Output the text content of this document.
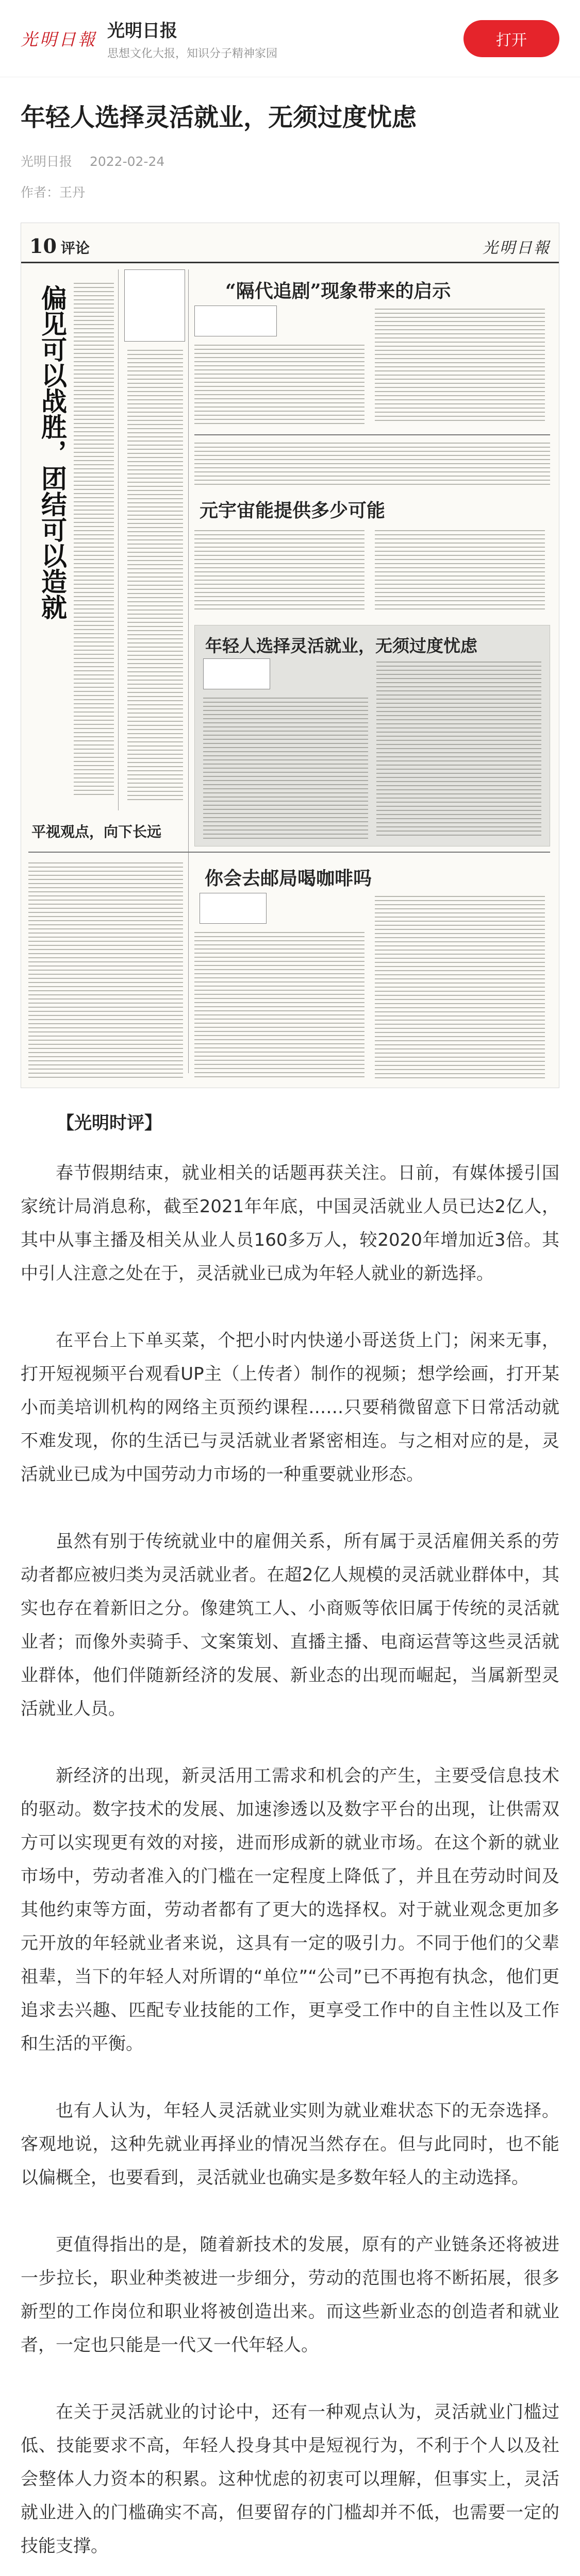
光明日報 光明日报
思想文化大报，知识分子精神家园
打开
年轻人选择灵活就业，无须过度忧虑
光明日报 2022-02-24
作者：王丹
10 评论	光明日報
偏见可以战胜，团结可以造就	“隔代追剧”现象带来的启示
元宇宙能提供多少可能
年轻人选择灵活就业，无须过度忧虑
平视观点，向下长远
你会去邮局喝咖啡吗
【光明时评】

春节假期结束，就业相关的话题再获关注。日前，有媒体援引国家统计局消息称，截至2021年年底，中国灵活就业人员已达2亿人，其中从事主播及相关从业人员160多万人，较2020年增加近3倍。其中引人注意之处在于，灵活就业已成为年轻人就业的新选择。

在平台上下单买菜，个把小时内快递小哥送货上门；闲来无事，打开短视频平台观看UP主（上传者）制作的视频；想学绘画，打开某小而美培训机构的网络主页预约课程……只要稍微留意下日常活动就不难发现，你的生活已与灵活就业者紧密相连。与之相对应的是，灵活就业已成为中国劳动力市场的一种重要就业形态。

虽然有别于传统就业中的雇佣关系，所有属于灵活雇佣关系的劳动者都应被归类为灵活就业者。在超2亿人规模的灵活就业群体中，其实也存在着新旧之分。像建筑工人、小商贩等依旧属于传统的灵活就业者；而像外卖骑手、文案策划、直播主播、电商运营等这些灵活就业群体，他们伴随新经济的发展、新业态的出现而崛起，当属新型灵活就业人员。

新经济的出现，新灵活用工需求和机会的产生，主要受信息技术的驱动。数字技术的发展、加速渗透以及数字平台的出现，让供需双方可以实现更有效的对接，进而形成新的就业市场。在这个新的就业市场中，劳动者准入的门槛在一定程度上降低了，并且在劳动时间及其他约束等方面，劳动者都有了更大的选择权。对于就业观念更加多元开放的年轻就业者来说，这具有一定的吸引力。不同于他们的父辈祖辈，当下的年轻人对所谓的“单位”“公司”已不再抱有执念，他们更追求去兴趣、匹配专业技能的工作，更享受工作中的自主性以及工作和生活的平衡。

也有人认为，年轻人灵活就业实则为就业难状态下的无奈选择。客观地说，这种先就业再择业的情况当然存在。但与此同时，也不能以偏概全，也要看到，灵活就业也确实是多数年轻人的主动选择。

更值得指出的是，随着新技术的发展，原有的产业链条还将被进一步拉长，职业种类被进一步细分，劳动的范围也将不断拓展，很多新型的工作岗位和职业将被创造出来。而这些新业态的创造者和就业者，一定也只能是一代又一代年轻人。

在关于灵活就业的讨论中，还有一种观点认为，灵活就业门槛过低、技能要求不高，年轻人投身其中是短视行为，不利于个人以及社会整体人力资本的积累。这种忧虑的初衷可以理解，但事实上，灵活就业进入的门槛确实不高，但要留存的门槛却并不低，也需要一定的技能支撑。
